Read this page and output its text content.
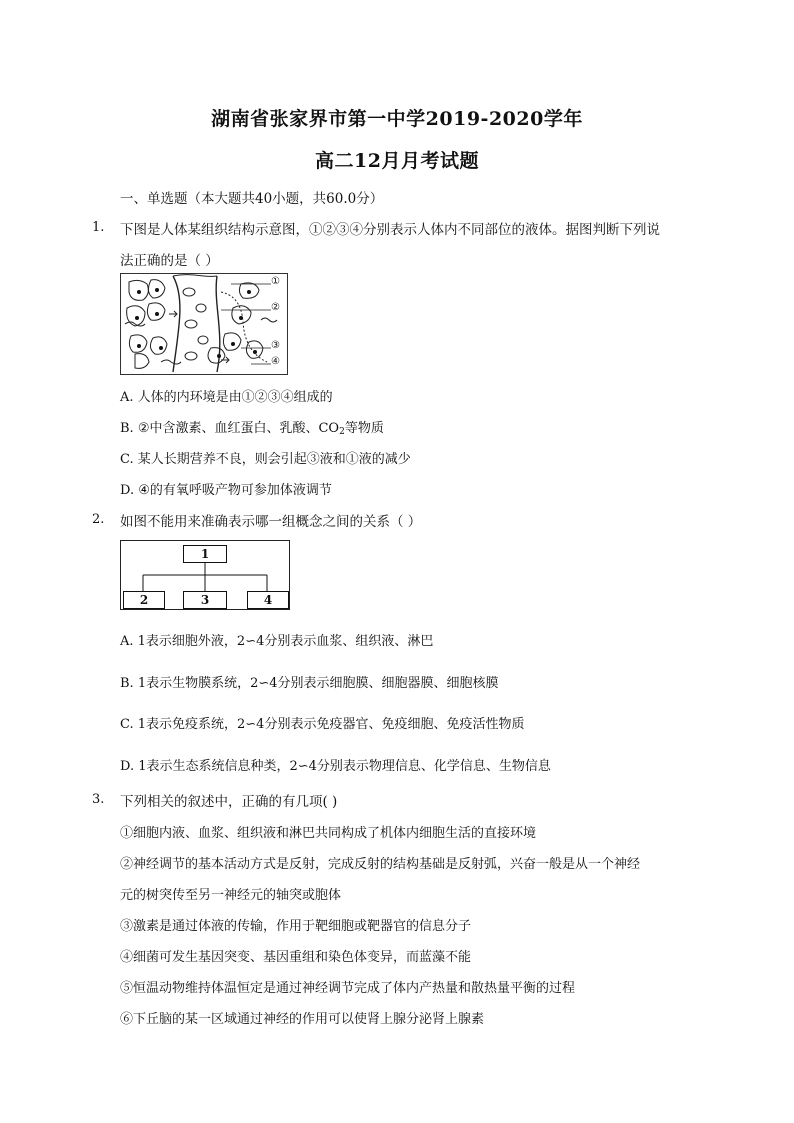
湖南省张家界市第一中学2019-2020学年
高二12月月考试题
一、单选题（本大题共40小题，共60.0分）
1. 下图是人体某组织结构示意图，①②③④分别表示人体内不同部位的液体。据图判断下列说
法正确的是（ ）
①
②
③
④
A. 人体的内环境是由①②③④组成的
B. ②中含激素、血红蛋白、乳酸、$CO_2$等物质
C. 某人长期营养不良，则会引起③液和①液的减少
D. ④的有氧呼吸产物可参加体液调节
2. 如图不能用来准确表示哪一组概念之间的关系（ ）
1
2	3	4
A. 1表示细胞外液，2∽4分别表示血浆、组织液、淋巴
B. 1表示生物膜系统，2∽4分别表示细胞膜、细胞器膜、细胞核膜
C. 1表示免疫系统，2∽4分别表示免疫器官、免疫细胞、免疫活性物质
D. 1表示生态系统信息种类，2∽4分别表示物理信息、化学信息、生物信息
3. 下列相关的叙述中，正确的有几项( )
①细胞内液、血浆、组织液和淋巴共同构成了机体内细胞生活的直接环境
②神经调节的基本活动方式是反射，完成反射的结构基础是反射弧，兴奋一般是从一个神经
元的树突传至另一神经元的轴突或胞体
③激素是通过体液的传输，作用于靶细胞或靶器官的信息分子
④细菌可发生基因突变、基因重组和染色体变异，而蓝藻不能
⑤恒温动物维持体温恒定是通过神经调节完成了体内产热量和散热量平衡的过程
⑥下丘脑的某一区域通过神经的作用可以使肾上腺分泌肾上腺素
